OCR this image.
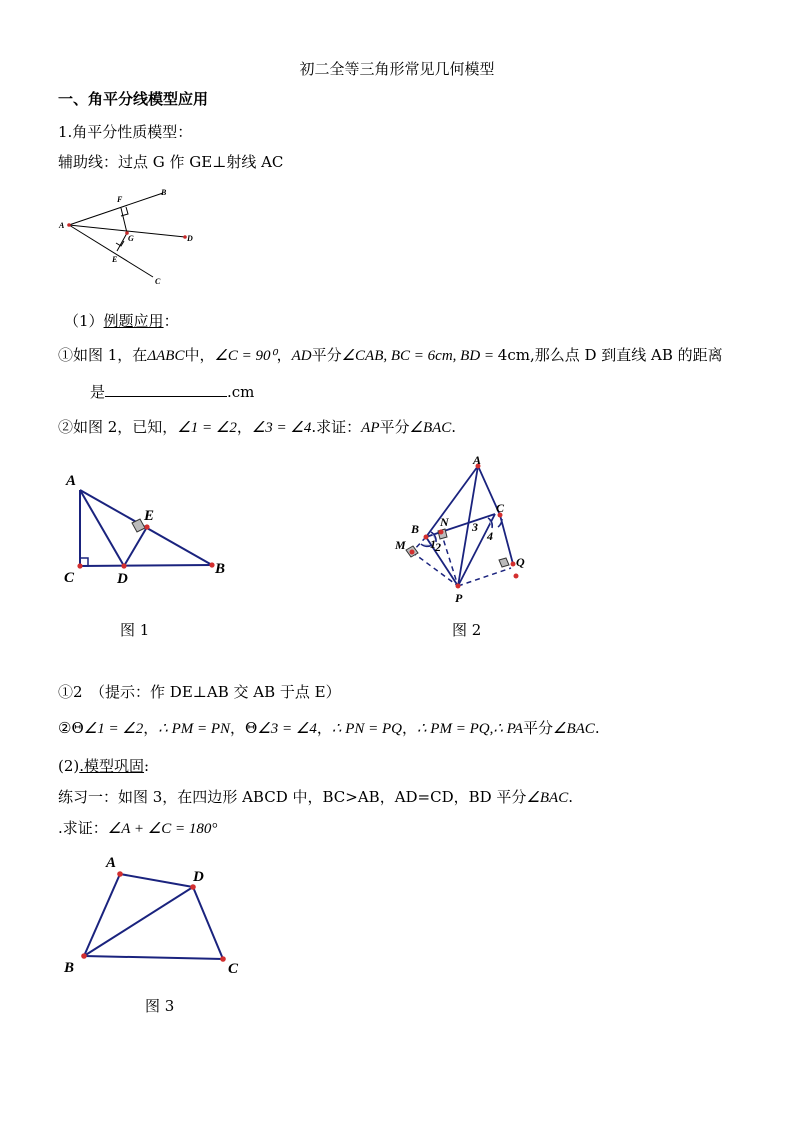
初二全等三角形常见几何模型
一、角平分线模型应用
1.角平分性质模型：
辅助线：过点 G 作 GE⊥射线 AC
A
B
C
D
E
F
G
（1）例题应用：
①如图 1，在ΔABC中，∠C = 90⁰，AD平分∠CAB, BC = 6cm, BD = 4cm,那么点 D 到直线 AB 的距离
是	.cm
②如图 2，已知，∠1 = ∠2，∠3 = ∠4.求证：AP平分∠BAC.
A
E
C	D
B
A
B
C
N
M
P
Q
1 2
3
4
图 1	图 2
①2　（提示：作 DE⊥AB 交 AB 于点 E）
②Θ∠1 = ∠2，∴ PM = PN，Θ∠3 = ∠4，∴ PN = PQ，∴ PM = PQ,∴ PA平分∠BAC.
(2).模型巩固:
练习一：如图 3，在四边形 ABCD 中，BC>AB，AD=CD，BD 平分∠BAC.
.求证：∠A + ∠C = 180°
A
D
B	C
图 3
